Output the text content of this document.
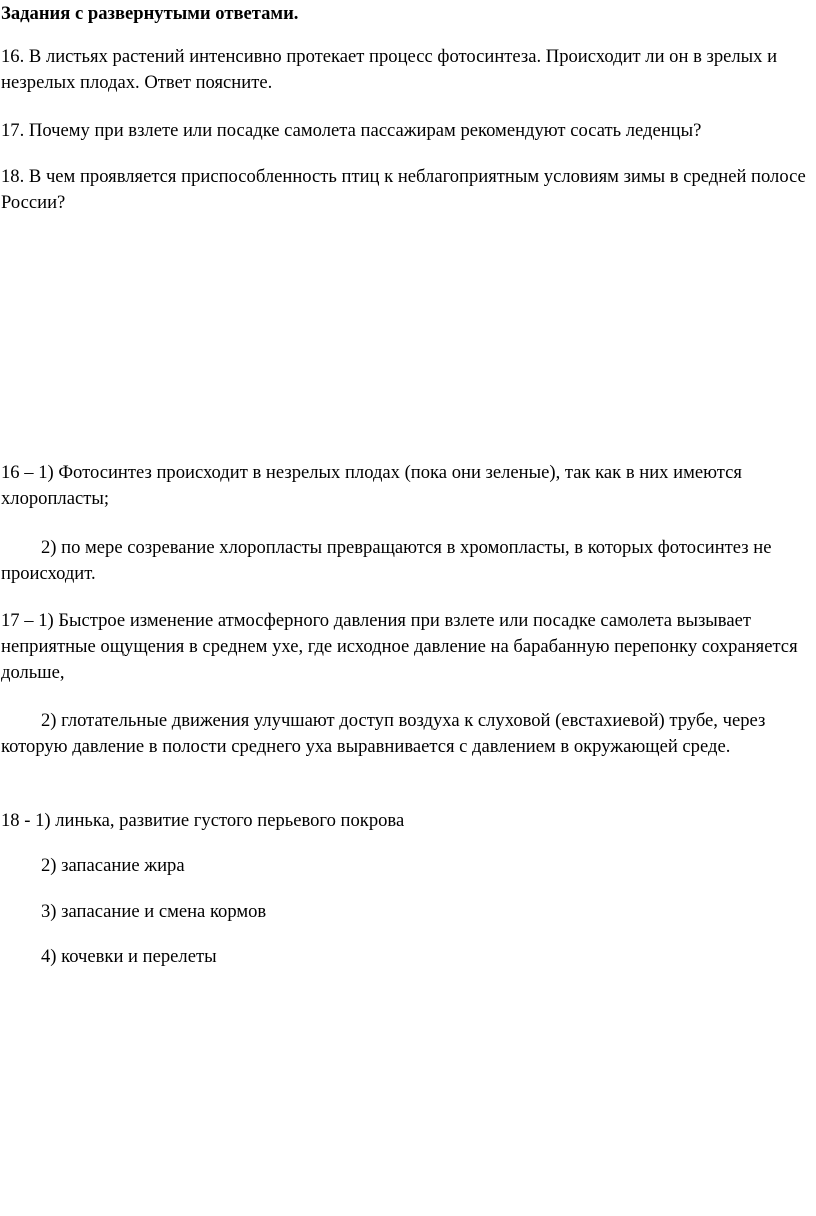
Задания с развернутыми ответами.

16. В листьях растений интенсивно протекает процесс фотосинтеза. Происходит ли он в зрелых и незрелых плодах. Ответ поясните.

17. Почему при взлете или посадке самолета пассажирам рекомендуют сосать леденцы?

18. В чем проявляется приспособленность птиц к неблагоприятным условиям зимы в средней полосе России?

16 – 1) Фотосинтез происходит в незрелых плодах (пока они зеленые), так как в них имеются хлоропласты;

2) по мере созревание хлоропласты превращаются в хромопласты, в которых фотосинтез не происходит.

17 – 1) Быстрое изменение атмосферного давления при взлете или посадке самолета вызывает неприятные ощущения в среднем ухе, где исходное давление на барабанную перепонку сохраняется дольше,

2) глотательные движения улучшают доступ воздуха к слуховой (евстахиевой) трубе, через которую давление в полости среднего уха выравнивается с давлением в окружающей среде.

18 - 1) линька, развитие густого перьевого покрова

2) запасание жира

3) запасание и смена кормов

4) кочевки и перелеты
